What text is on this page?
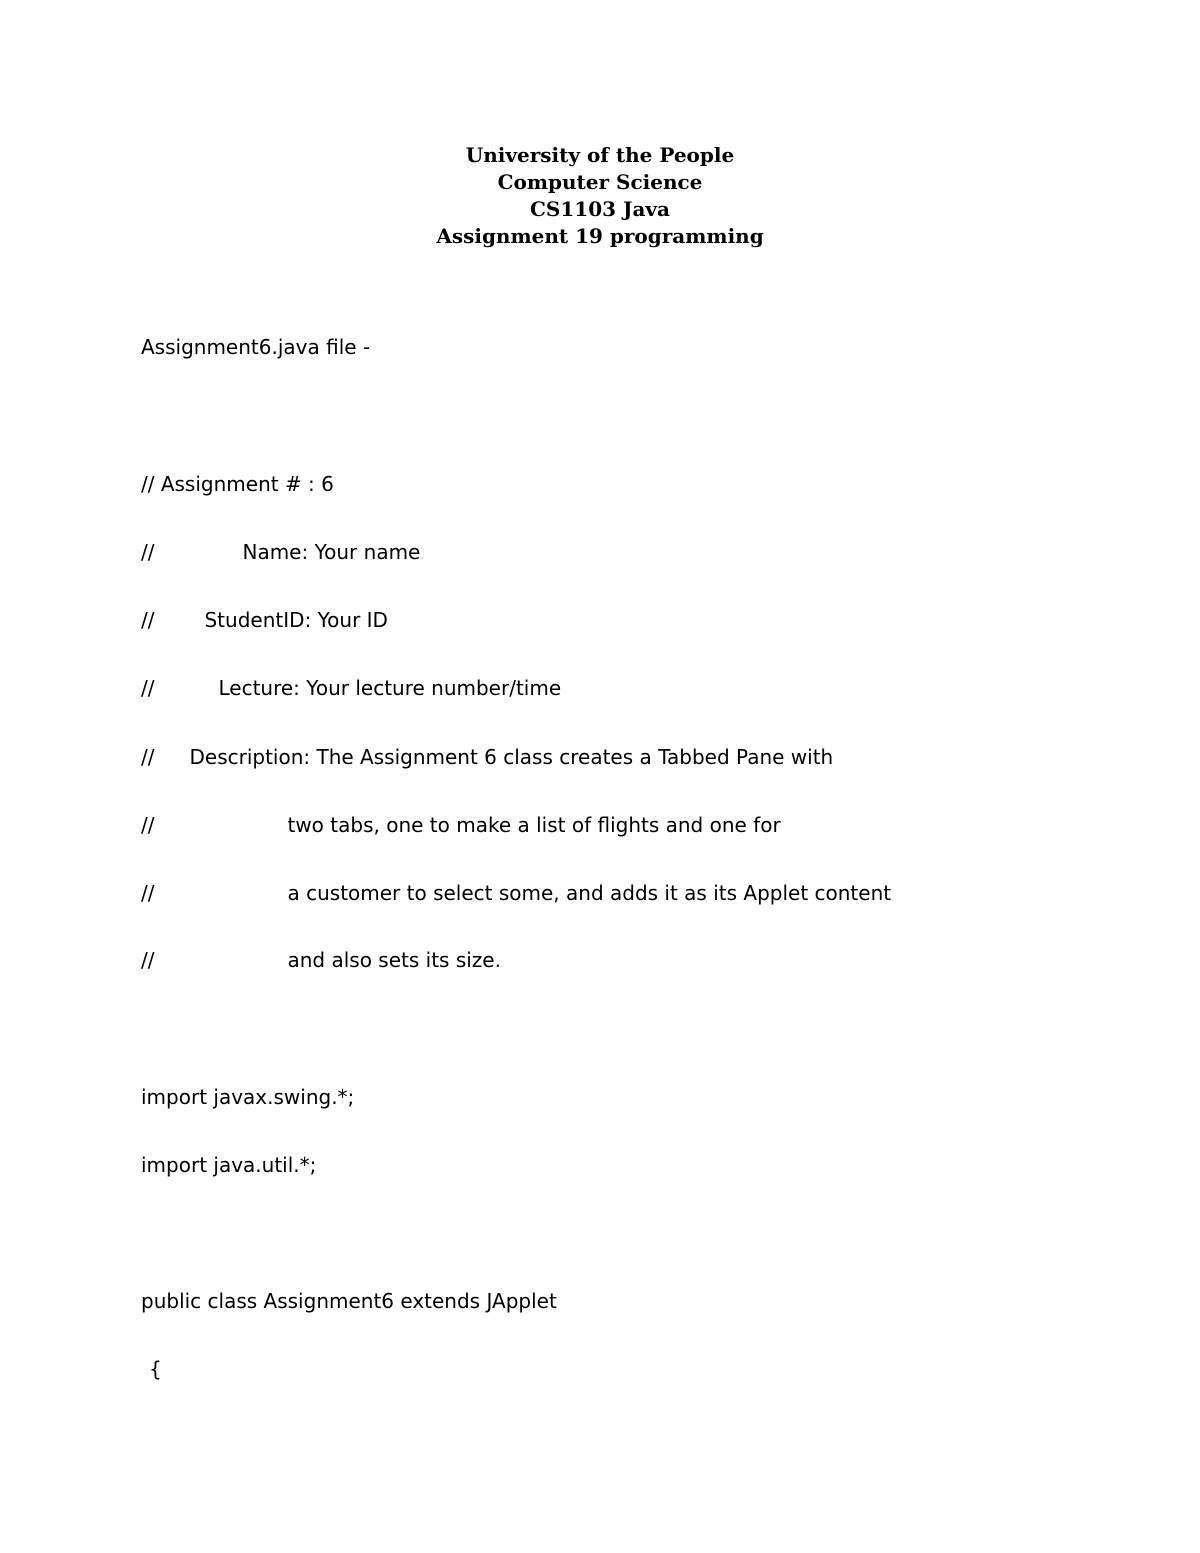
University of the People
Computer Science
CS1103 Java
Assignment 19 programming
Assignment6.java file -
// Assignment # : 6
//	Name: Your name
//	StudentID: Your ID
//	Lecture: Your lecture number/time
// Description: The Assignment 6 class creates a Tabbed Pane with
//	two tabs, one to make a list of flights and one for
//	a customer to select some, and adds it as its Applet content
//	and also sets its size.
import javax.swing.*;
import java.util.*;
public class Assignment6 extends JApplet
{
